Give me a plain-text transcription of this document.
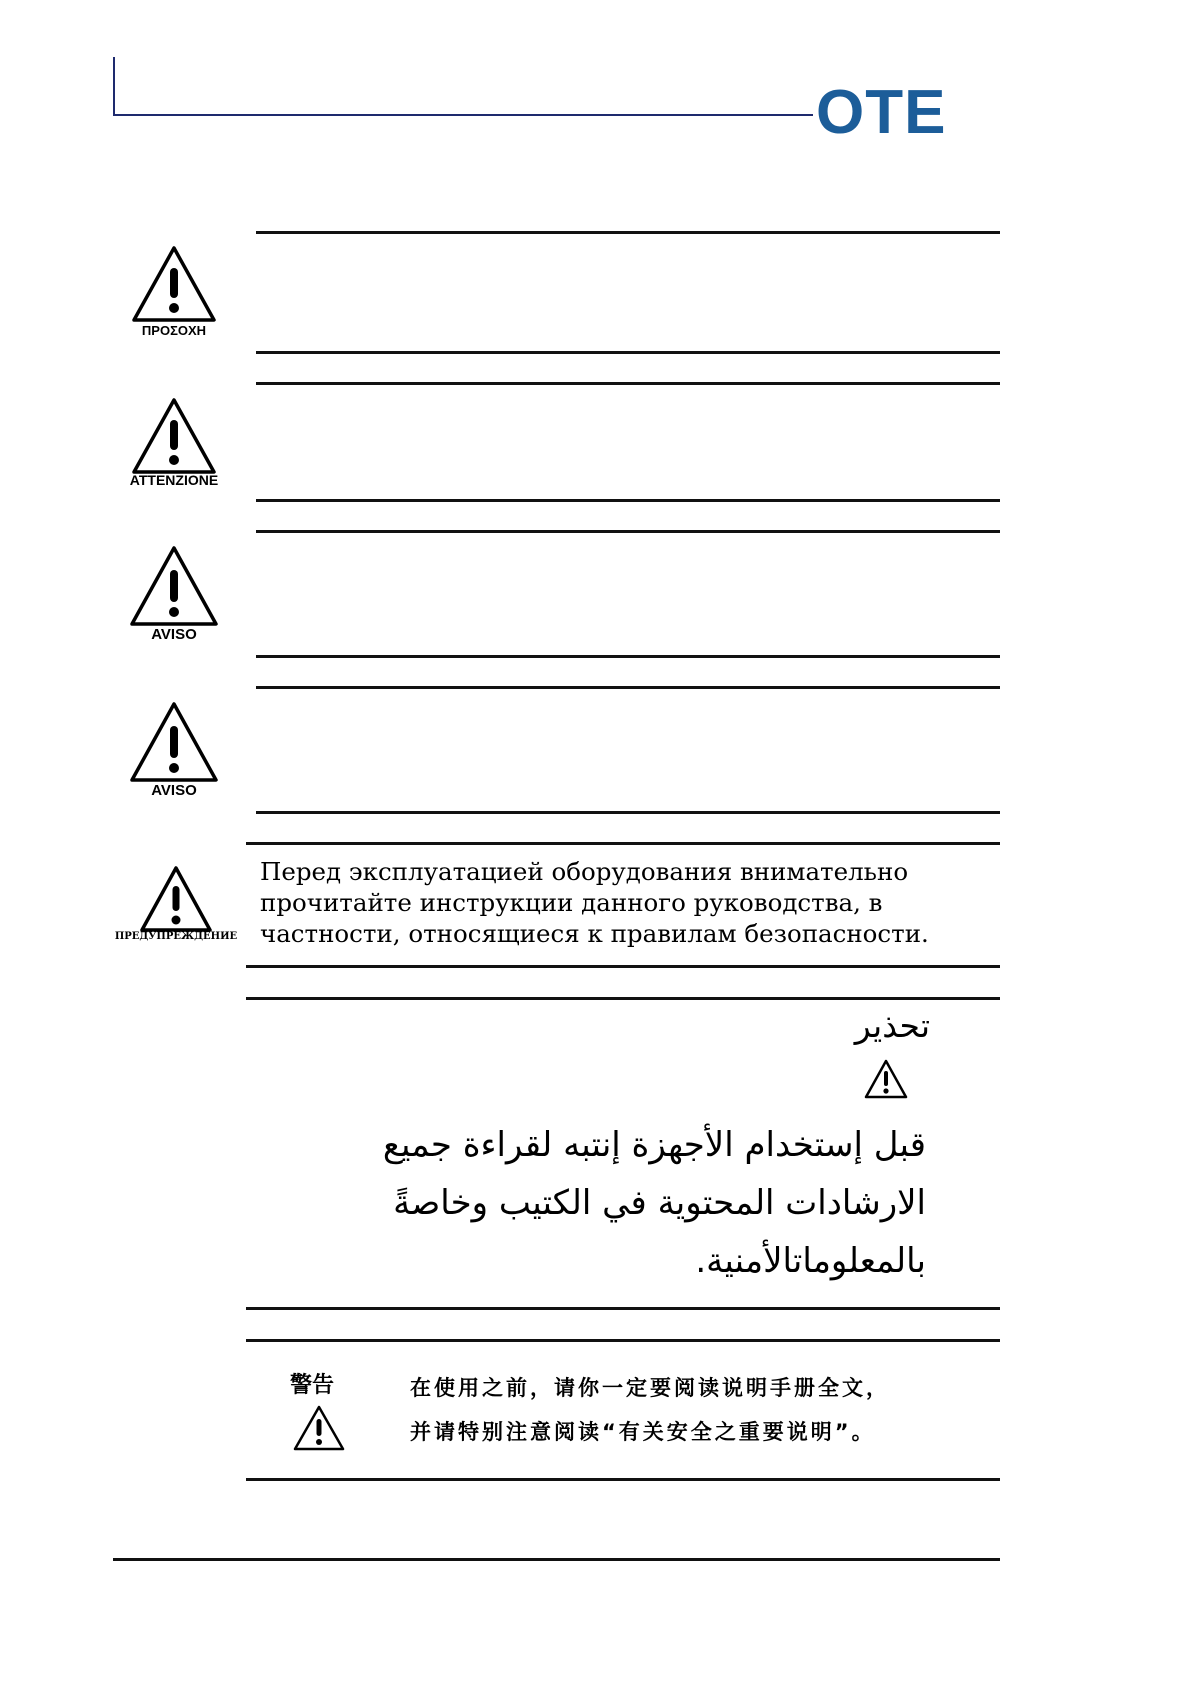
OTE
ΠΡΟΣΟΧΗ
ATTENZIONE
AVISO
AVISO
ПРЕДУПРЕЖДЕНИЕ
Перед эксплуатацией оборудования внимательно
прочитайте инструкции данного руководства, в
частности, относящиеся к правилам безопасности.
تحذير
قبل إستخدام الأجهزة إنتبه لقراءة جميع
الارشادات المحتوية في الكتيب وخاصةً
بالمعلوماتالأمنية.
警告	在使用之前，请你一定要阅读说明手册全文，
并请特别注意阅读“有关安全之重要说明”。
